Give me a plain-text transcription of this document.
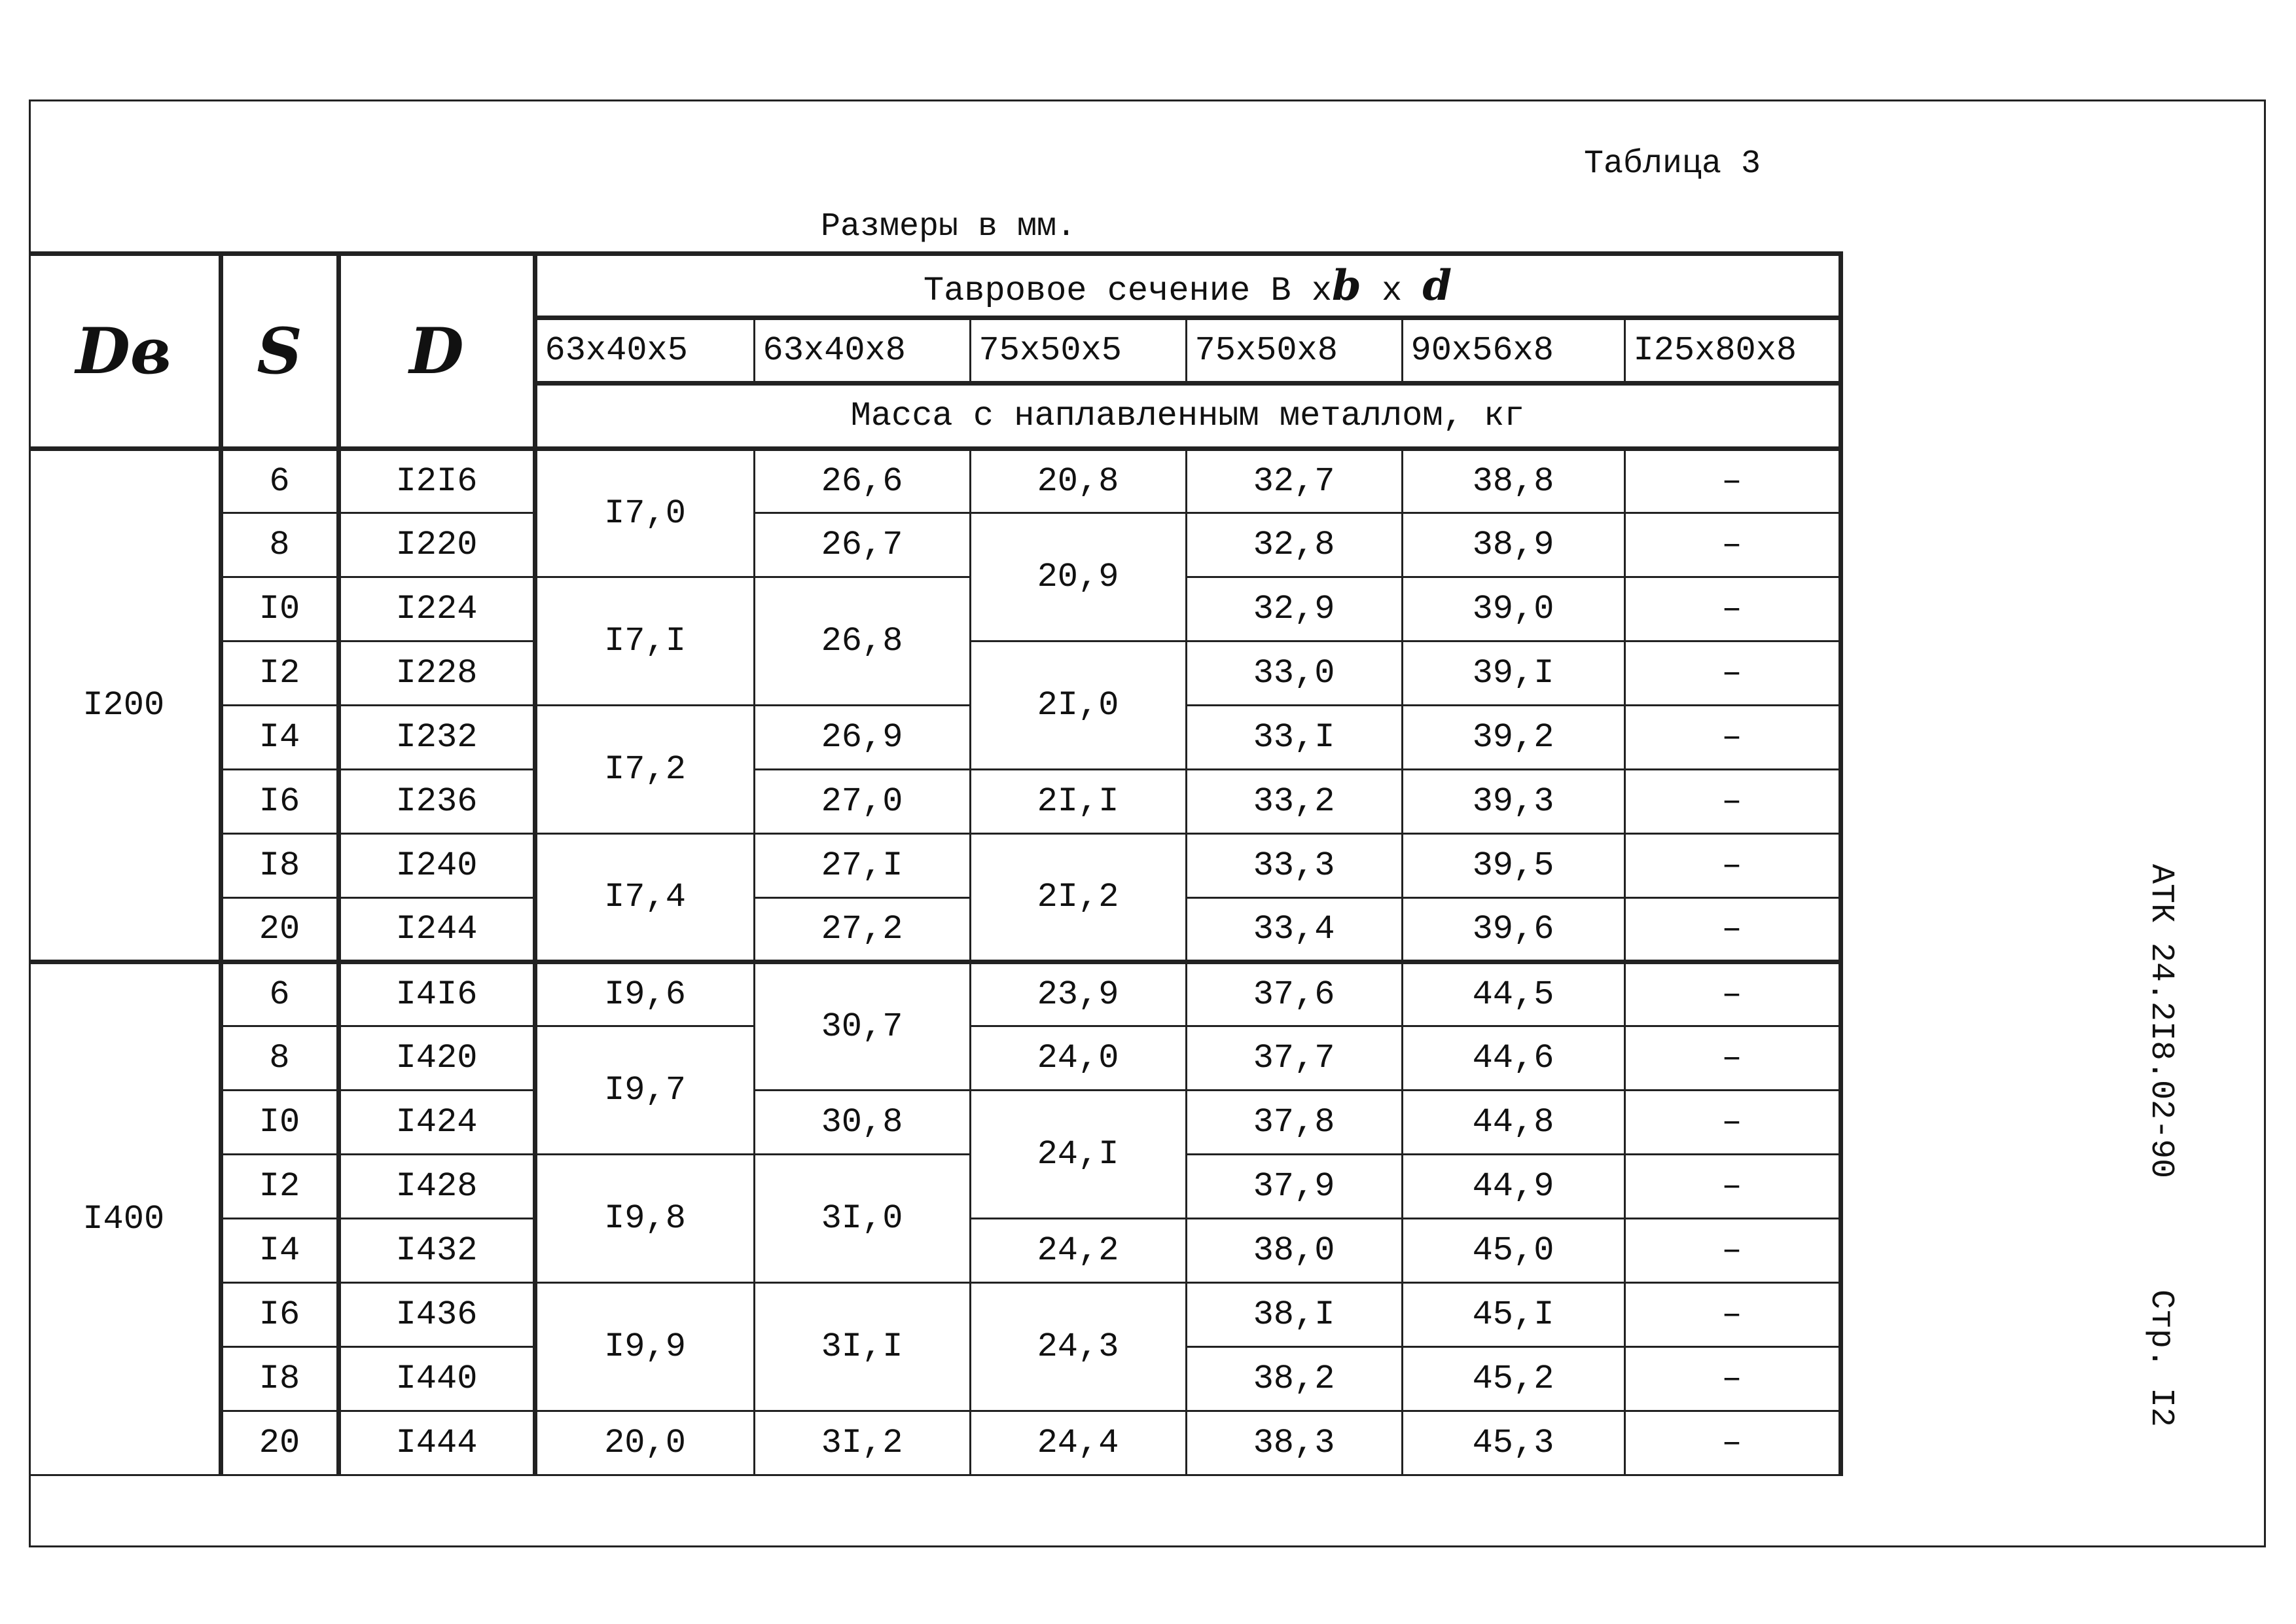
Таблица 3
Размеры в мм.
Dв	S	D	Тавровое сечение В xb x d					
			63x40x5	63x40x8	75x50x5	75x50x8	90x56x8	I25x80x8
			Масса с наплавленным металлом, кг					
I200	6	I2I6	I7,0	26,6	20,8	32,7	38,8	–
	8	I220		26,7	20,9	32,8	38,9	–
	I0	I224	I7,I	26,8		32,9	39,0	–
	I2	I228			2I,0	33,0	39,I	–
	I4	I232	I7,2	26,9		33,I	39,2	–
	I6	I236		27,0	2I,I	33,2	39,3	–
	I8	I240	I7,4	27,I	2I,2	33,3	39,5	–
	20	I244		27,2		33,4	39,6	–
I400	6	I4I6	I9,6	30,7	23,9	37,6	44,5	–
	8	I420	I9,7		24,0	37,7	44,6	–
	I0	I424		30,8	24,I	37,8	44,8	–
	I2	I428	I9,8	3I,0		37,9	44,9	–
	I4	I432			24,2	38,0	45,0	–
	I6	I436	I9,9	3I,I	24,3	38,I	45,I	–
	I8	I440				38,2	45,2	–
	20	I444	20,0	3I,2	24,4	38,3	45,3	–
АТК 24.2I8.02-90
Стр. I2
